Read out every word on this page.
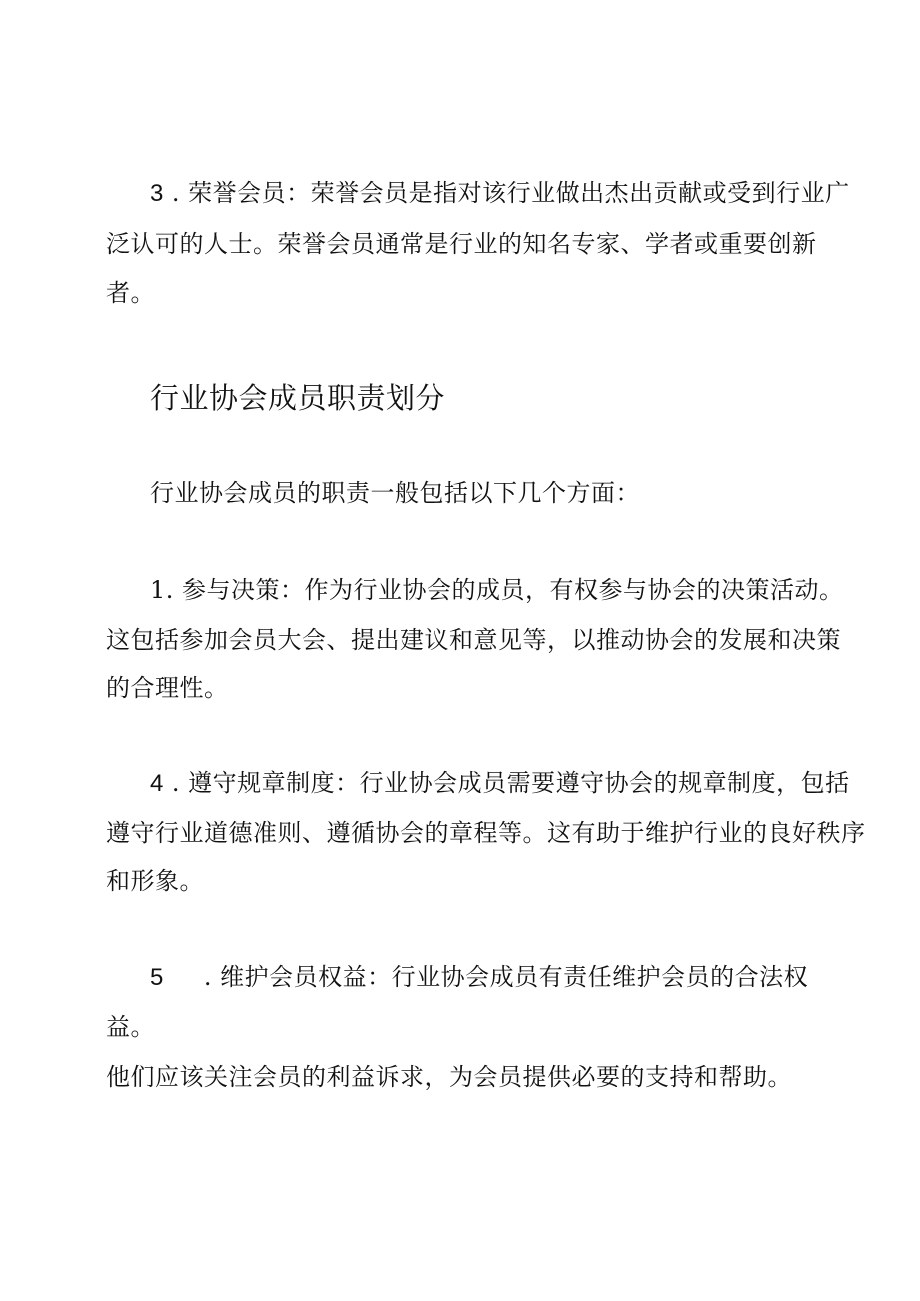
3 . 荣誉会员：荣誉会员是指对该行业做出杰出贡献或受到行业广
泛认可的人士。荣誉会员通常是行业的知名专家、学者或重要创新
者。
行业协会成员职责划分
行业协会成员的职责一般包括以下几个方面：
1. 参与决策：作为行业协会的成员，有权参与协会的决策活动。
这包括参加会员大会、提出建议和意见等，以推动协会的发展和决策
的合理性。
4 . 遵守规章制度：行业协会成员需要遵守协会的规章制度，包括
遵守行业道德准则、遵循协会的章程等。这有助于维护行业的良好秩序
和形象。
5 . 维护会员权益：行业协会成员有责任维护会员的合法权
益。
他们应该关注会员的利益诉求，为会员提供必要的支持和帮助。
